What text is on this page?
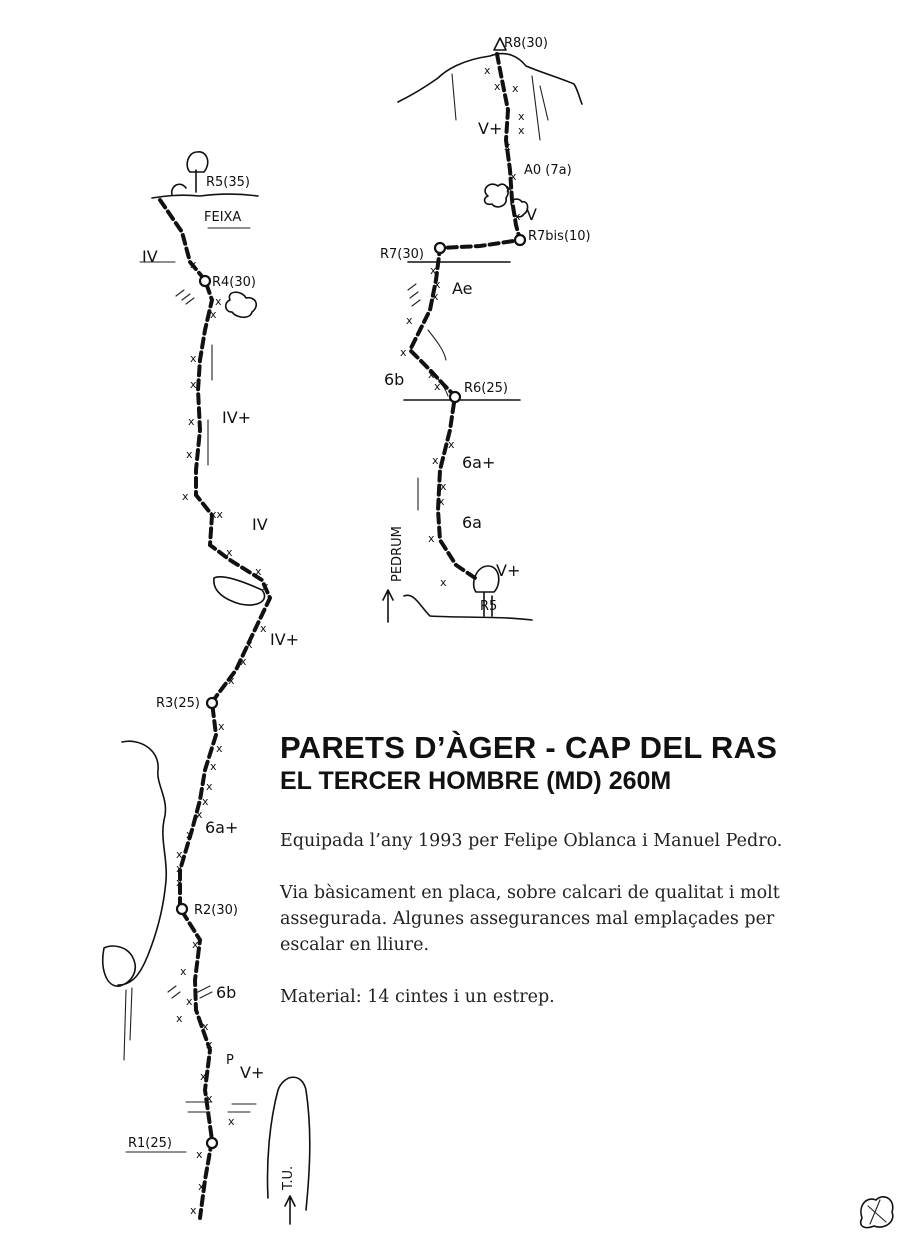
x
x
x
x
x
x
x
x
xx
x
x
x
x
x
x
x
x
x
x
x
x
x
x
x
x
x
x
x
x
x
x
x
x
x
x
x
x
x
IV
IV+
IV
IV+
6a+
6b
V+
R5(35)
FEIXA
R4(30)
R3(25)
R2(30)
R1(25)
P
T.U.
x
x x
x
x
x
x
x
x
x
x
x
x
x
x
x
x
x
x
x
x
x
V+
V
Ae
6b
6a+
6a
V+
R8(30)
A0 (7a)
R7bis(10)
R7(30)
R6(25)
R5
PEDRUM
PARETS D’ÀGER - CAP DEL RAS
EL TERCER HOMBRE (MD) 260M

Equipada l’any 1993 per Felipe Oblanca i Manuel Pedro.

Via bàsicament en placa, sobre calcari de qualitat i molt assegurada. Algunes assegurances mal emplaçades per escalar en lliure.

Material: 14 cintes i un estrep.
